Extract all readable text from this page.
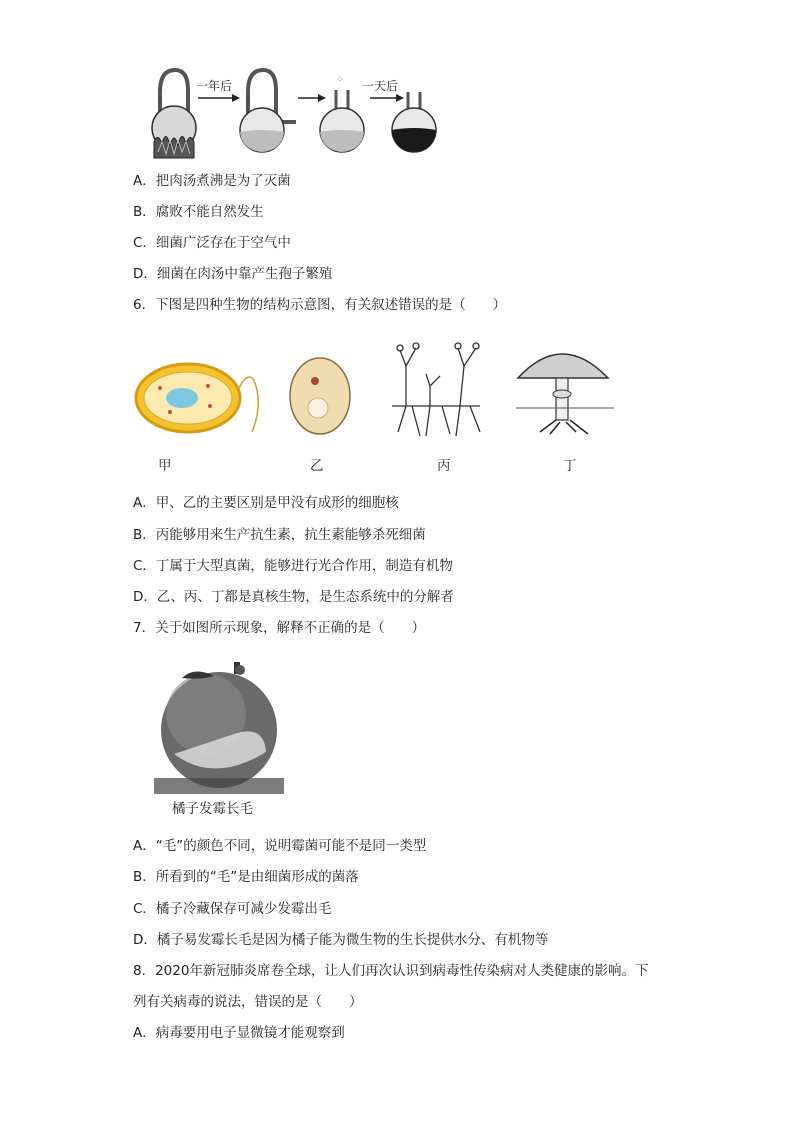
一年后	⁘ 一天后
A．把肉汤煮沸是为了灭菌
B．腐败不能自然发生
C．细菌广泛存在于空气中
D．细菌在肉汤中靠产生孢子繁殖
6．下图是四种生物的结构示意图，有关叙述错误的是（　　）
甲	乙	丙	丁
A．甲、乙的主要区别是甲没有成形的细胞核
B．丙能够用来生产抗生素，抗生素能够杀死细菌
C．丁属于大型真菌，能够进行光合作用，制造有机物
D．乙、丙、丁都是真核生物，是生态系统中的分解者
7．关于如图所示现象，解释不正确的是（　　）
橘子发霉长毛
A．“毛”的颜色不同，说明霉菌可能不是同一类型
B．所看到的“毛”是由细菌形成的菌落
C．橘子冷藏保存可减少发霉出毛
D．橘子易发霉长毛是因为橘子能为微生物的生长提供水分、有机物等
8．2020年新冠肺炎席卷全球，让人们再次认识到病毒性传染病对人类健康的影响。下
列有关病毒的说法，错误的是（　　）
A．病毒要用电子显微镜才能观察到
